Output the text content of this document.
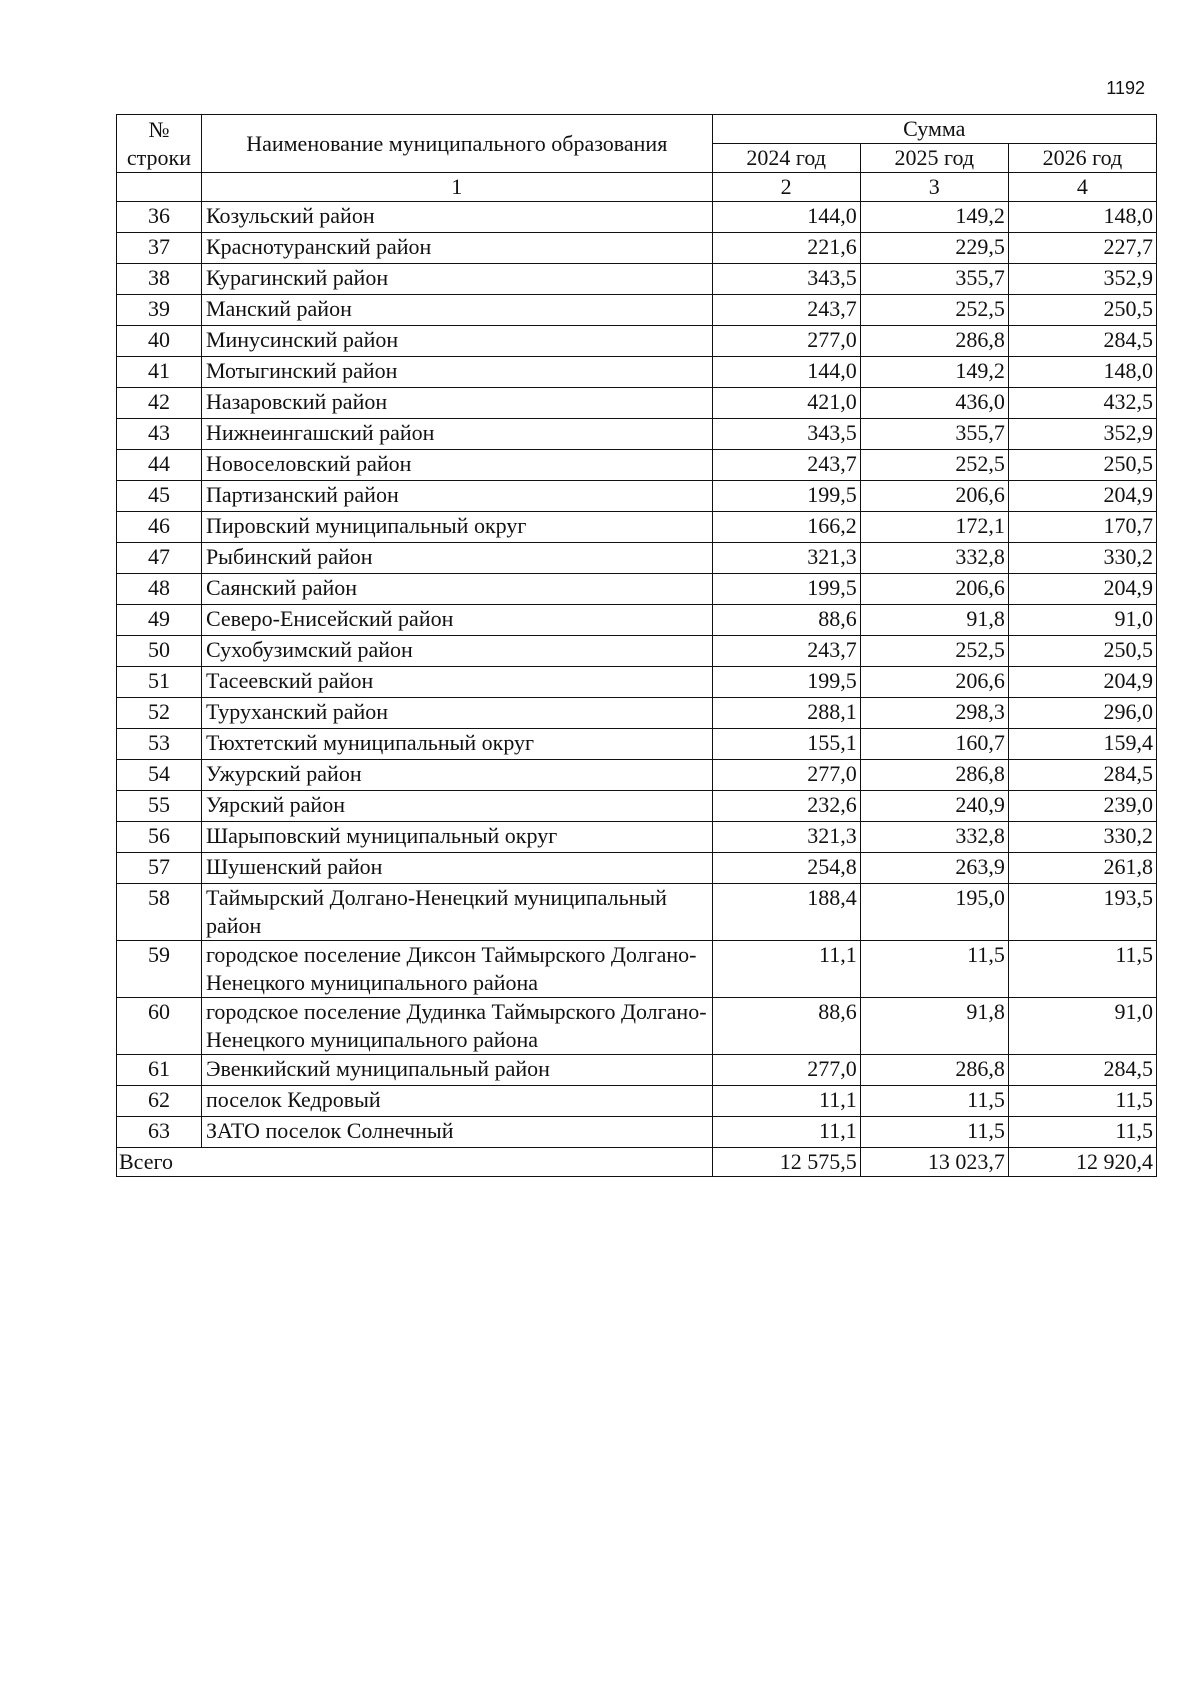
1192
№
строки	Наименование муниципального образования	Сумма		
		2024 год	2025 год	2026 год
	1	2	3	4
36	Козульский район	144,0	149,2	148,0
37	Краснотуранский район	221,6	229,5	227,7
38	Курагинский район	343,5	355,7	352,9
39	Манский район	243,7	252,5	250,5
40	Минусинский район	277,0	286,8	284,5
41	Мотыгинский район	144,0	149,2	148,0
42	Назаровский район	421,0	436,0	432,5
43	Нижнеингашский район	343,5	355,7	352,9
44	Новоселовский район	243,7	252,5	250,5
45	Партизанский район	199,5	206,6	204,9
46	Пировский муниципальный округ	166,2	172,1	170,7
47	Рыбинский район	321,3	332,8	330,2
48	Саянский район	199,5	206,6	204,9
49	Северо-Енисейский район	88,6	91,8	91,0
50	Сухобузимский район	243,7	252,5	250,5
51	Тасеевский район	199,5	206,6	204,9
52	Туруханский район	288,1	298,3	296,0
53	Тюхтетский муниципальный округ	155,1	160,7	159,4
54	Ужурский район	277,0	286,8	284,5
55	Уярский район	232,6	240,9	239,0
56	Шарыповский муниципальный округ	321,3	332,8	330,2
57	Шушенский район	254,8	263,9	261,8
58	Таймырский Долгано-Ненецкий муниципальный район	188,4	195,0	193,5
59	городское поселение Диксон Таймырского Долгано-Ненецкого муниципального района	11,1	11,5	11,5
60	городское поселение Дудинка Таймырского Долгано-Ненецкого муниципального района	88,6	91,8	91,0
61	Эвенкийский муниципальный район	277,0	286,8	284,5
62	поселок Кедровый	11,1	11,5	11,5
63	ЗАТО поселок Солнечный	11,1	11,5	11,5
Всего		12 575,5	13 023,7	12 920,4
